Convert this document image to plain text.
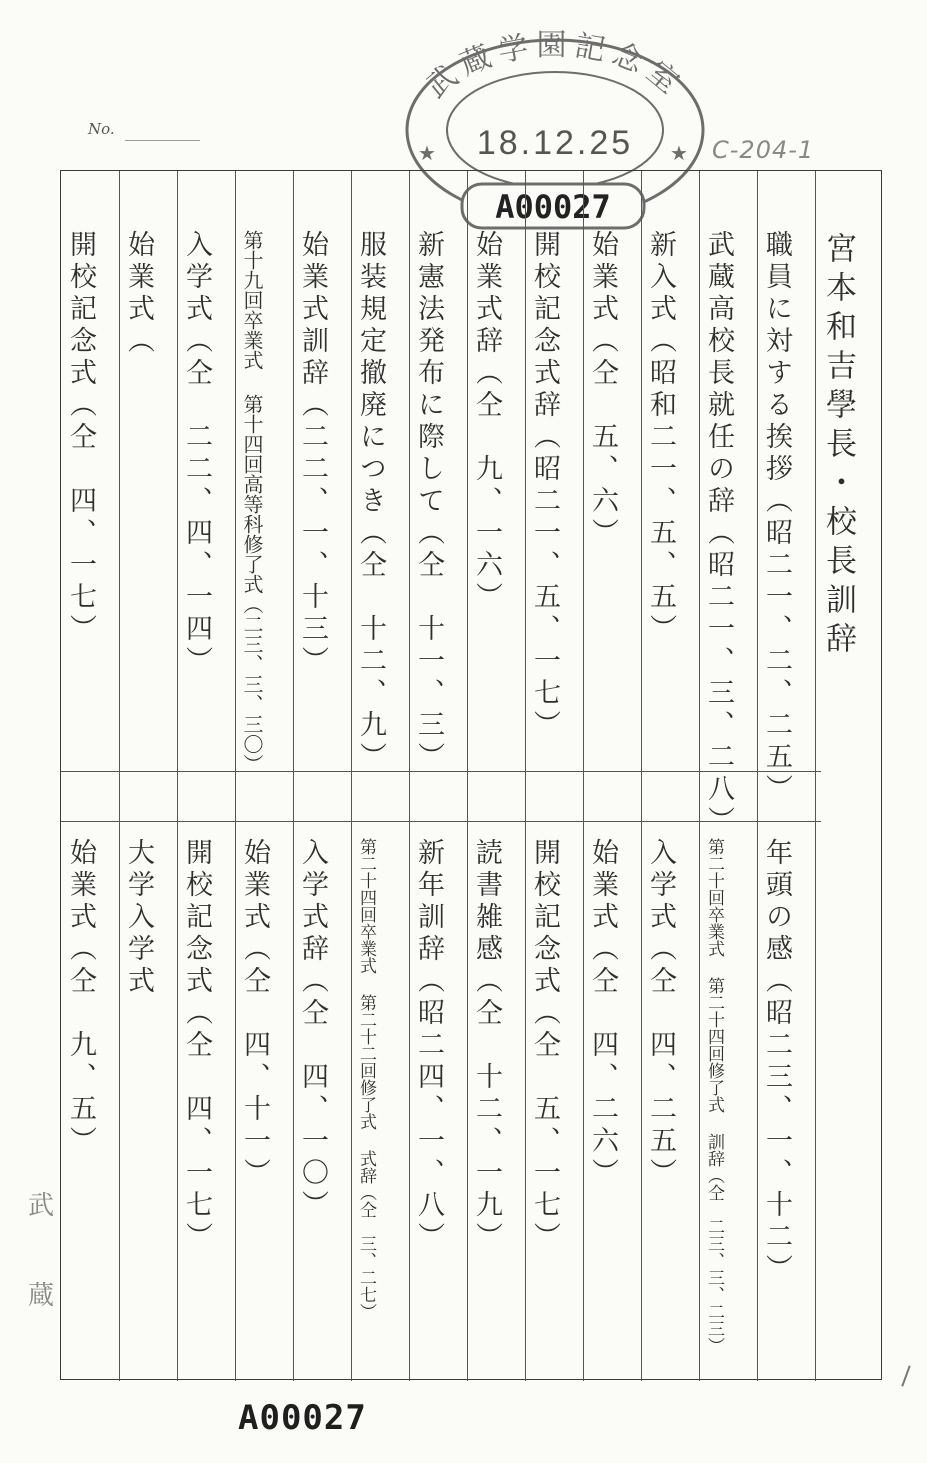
No.
C-204-1
武蔵学園記念室
★	★
18.12.25
A00027
宮本和吉學長・校長訓辞
職員に対する挨拶（昭二一、二、二五）
武蔵高校長就任の辞（昭二一、三、二八）
新入式（昭和二一、五、五）
始業式（仝　五、六）
開校記念式辞（昭二一、五、一七）
始業式辞（仝　九、一六）
新憲法発布に際して（仝　十一、三）
服装規定撤廃につき（仝　十二、九）
始業式訓辞（二二、一、十三）
第十九回卒業式 第十四回高等科修了式（二三、三、三〇）
入学式（仝　二二、四、一四）
始業式（
開校記念式（仝　四、一七）
年頭の感（昭二三、一、十二）
第二十回卒業式 第二十四回修了式 訓辞（仝　二三、三、二三）
入学式（仝　四、二五）
始業式（仝　四、二六）
開校記念式（仝　五、一七）
読書雑感（仝　十二、一九）
新年訓辞（昭二四、一、八）
第二十四回卒業式 第二十二回修了式 式辞（仝　三、二七）
入学式辞（仝　四、一〇）
始業式（仝　四、十一）
開校記念式（仝　四、一七）
大学入学式
始業式（仝　九、五）
武
蔵
A00027
